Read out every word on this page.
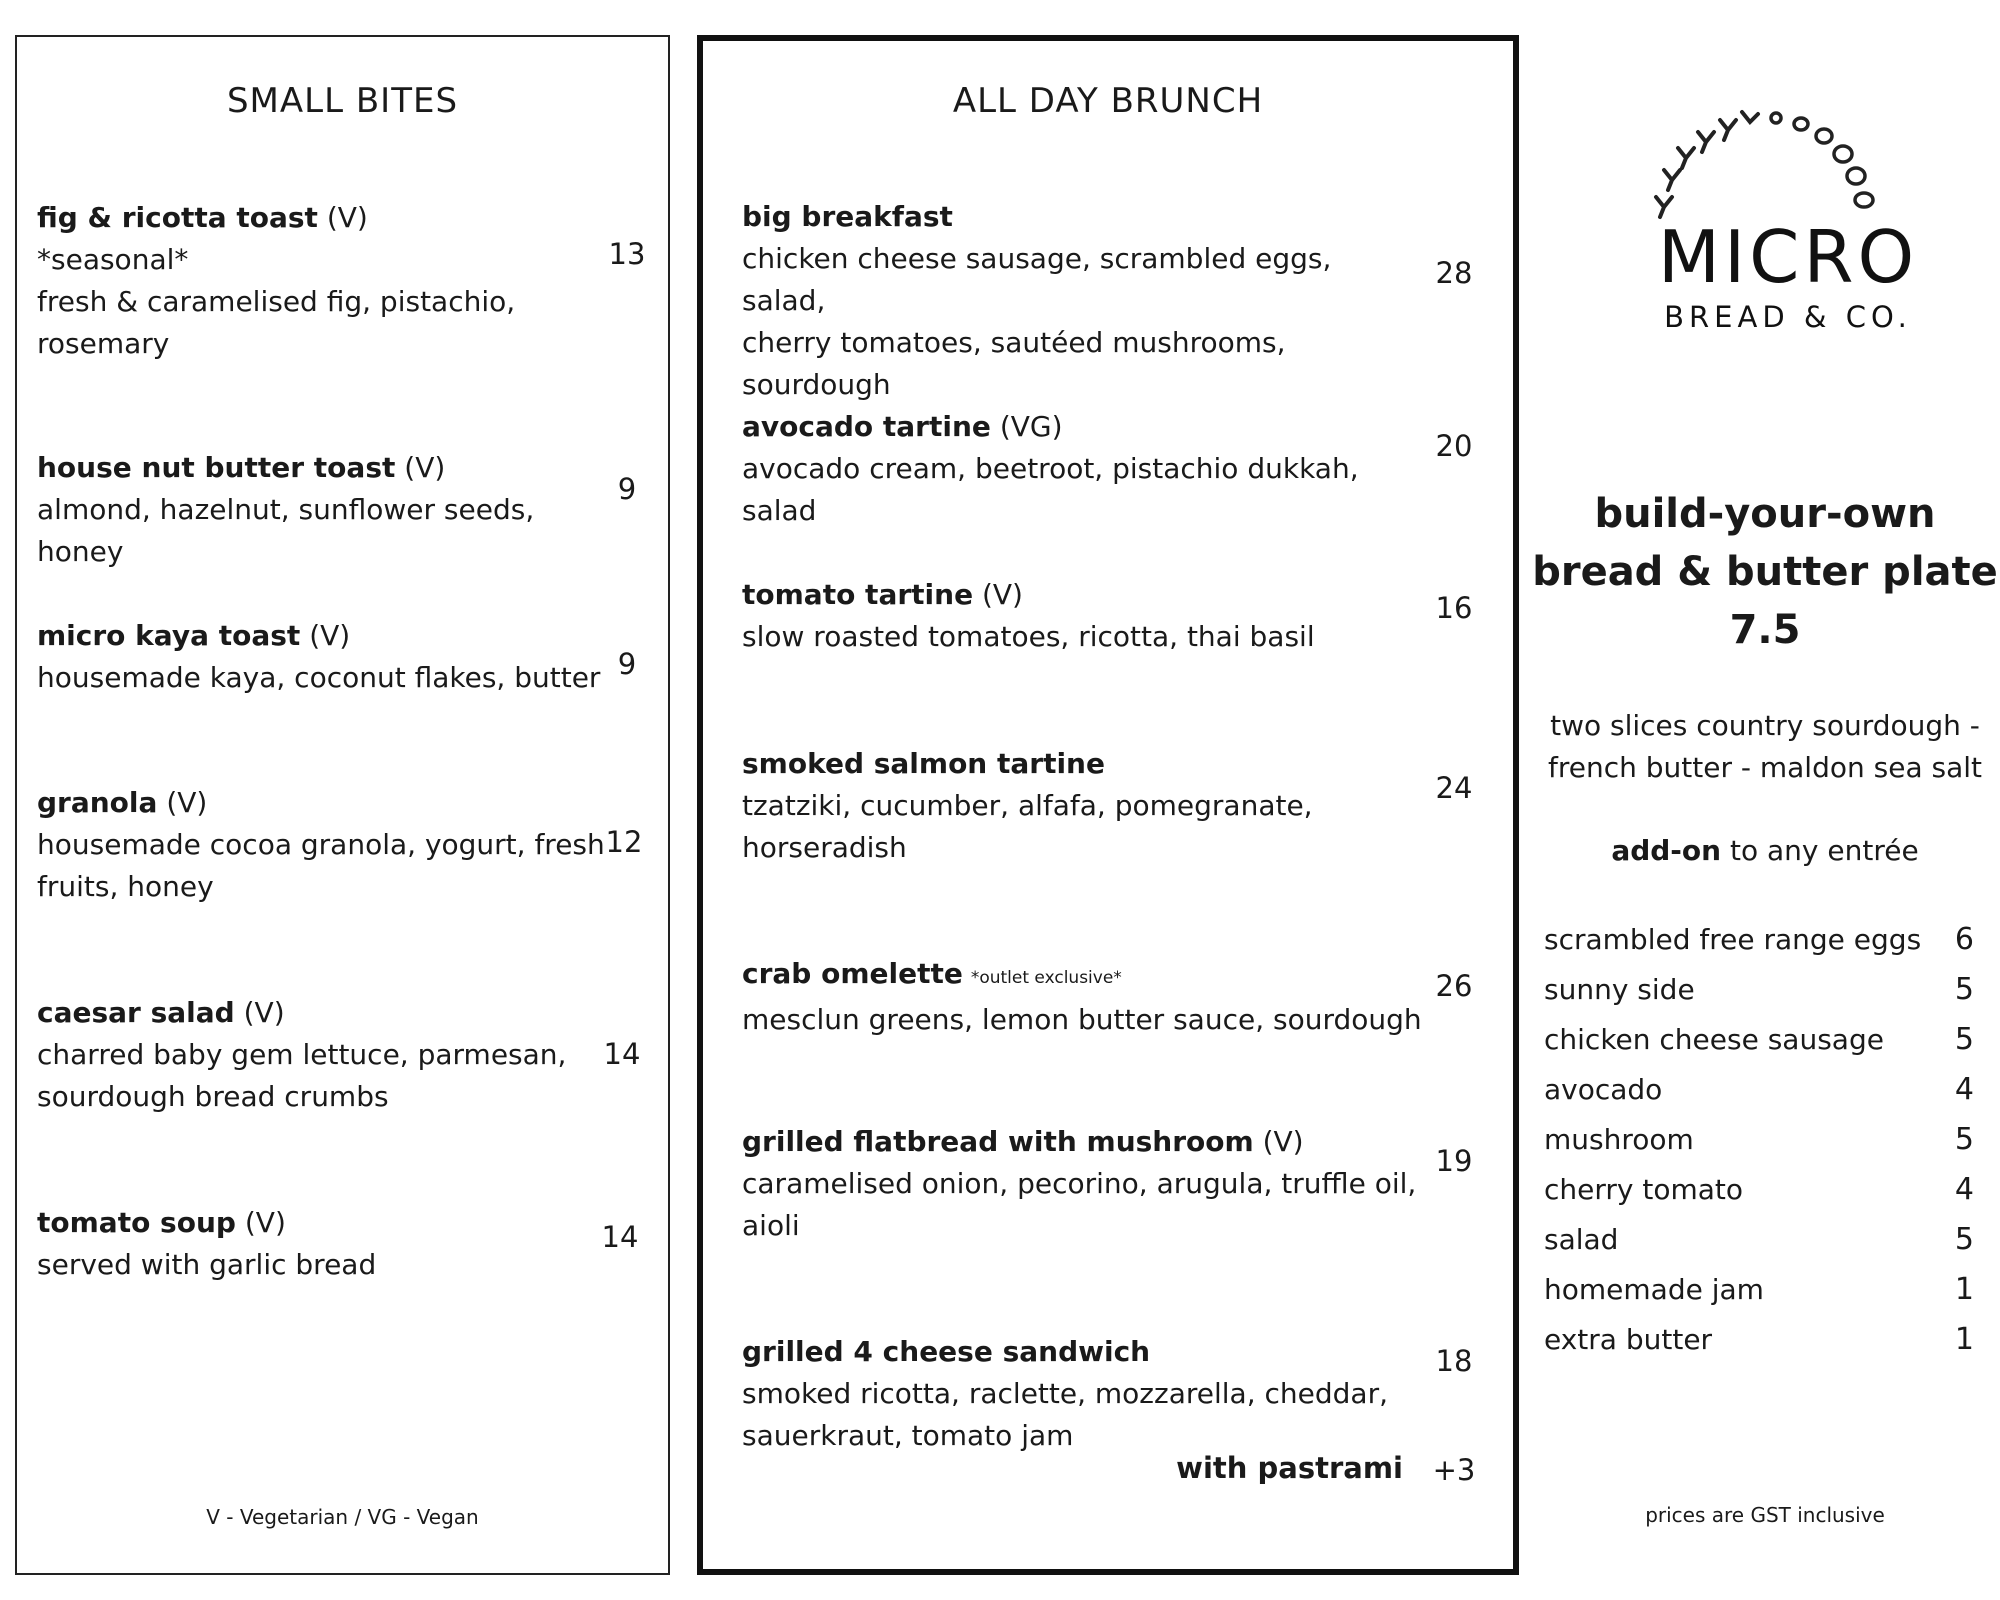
SMALL BITES
fig & ricotta toast (V)
*seasonal*
fresh & caramelised fig, pistachio,
rosemary
13
house nut butter toast (V)
almond, hazelnut, sunflower seeds, honey
9
micro kaya toast (V)
housemade kaya, coconut flakes, butter 9
granola (V)
housemade cocoa granola, yogurt, fresh
fruits, honey
12
caesar salad (V)
charred baby gem lettuce, parmesan,
sourdough bread crumbs
14
tomato soup (V)
served with garlic bread
14
V - Vegetarian / VG - Vegan
ALL DAY BRUNCH
big breakfast
chicken cheese sausage, scrambled eggs, salad,
cherry tomatoes, sautéed mushrooms, sourdough
28
avocado tartine (VG)
avocado cream, beetroot, pistachio dukkah, salad
20
tomato tartine (V)
slow roasted tomatoes, ricotta, thai basil
16
smoked salmon tartine
tzatziki, cucumber, alfafa, pomegranate,
horseradish
24
crab omelette *outlet exclusive*
mesclun greens, lemon butter sauce, sourdough
26
grilled flatbread with mushroom (V)
caramelised onion, pecorino, arugula, truffle oil,
aioli
19
grilled 4 cheese sandwich
smoked ricotta, raclette, mozzarella, cheddar,
sauerkraut, tomato jam
18
with pastrami +3
MICRO
BREAD & CO.
build-your-own
bread & butter plate
7.5
two slices country sourdough -
french butter - maldon sea salt
add-on to any entrée
scrambled free range eggs 6
sunny side	5
chicken cheese sausage 5
avocado	4
mushroom	5
cherry tomato	4
salad	5
homemade jam	1
extra butter	1
prices are GST inclusive
